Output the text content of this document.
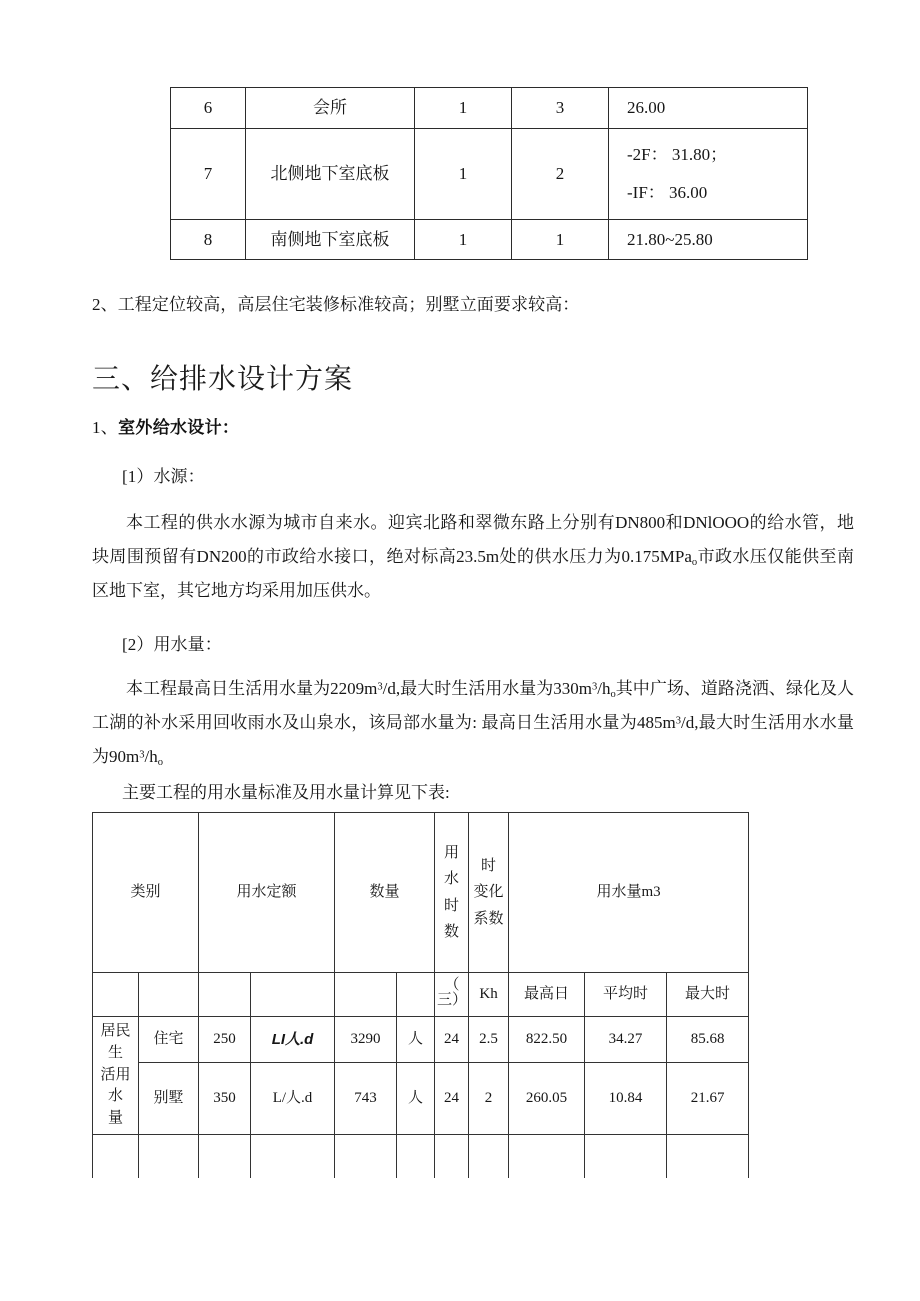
6	会所	1	3	26.00

7	北侧地下室底板	1	2	-2F： 31.80；
-IF： 36.00

8	南侧地下室底板	1	1	21.80~25.80
2、工程定位较高，高层住宅装修标准较高；别墅立面要求较高：
三、给排水设计方案
1、室外给水设计：
[1）水源：
本工程的供水水源为城市自来水。迎宾北路和翠微东路上分别有DN800和DNlOOO的给水管，地块周围预留有DN200的市政给水接口，绝对标高23.5m处的供水压力为0.175MPa$_o$市政水压仅能供至南区地下室，其它地方均采用加压供水。
[2）用水量：
本工程最高日生活用水量为$2209m^3/d$,最大时生活用水量为$330m^3/h_o$其中广场、道路浇洒、绿化及人工湖的补水采用回收雨水及山泉水，该局部水量为: 最高日生活用水量为$485m^3/d$,最大时生活用水水量为$90m^3/h_o$
主要工程的用水量标准及用水量计算见下表:
类别		用水定额		数量		用
水
时
数	时
变化
系数	用水量m3		

						（
三）	Kh	最高日	平均时	最大时

居民生
活用水
量	住宅	250	LI人.d	3290	人	24	2.5	822.50	34.27	85.68
	别墅	350	L/人.d	743	人	24	2	260.05	10.84	21.67
